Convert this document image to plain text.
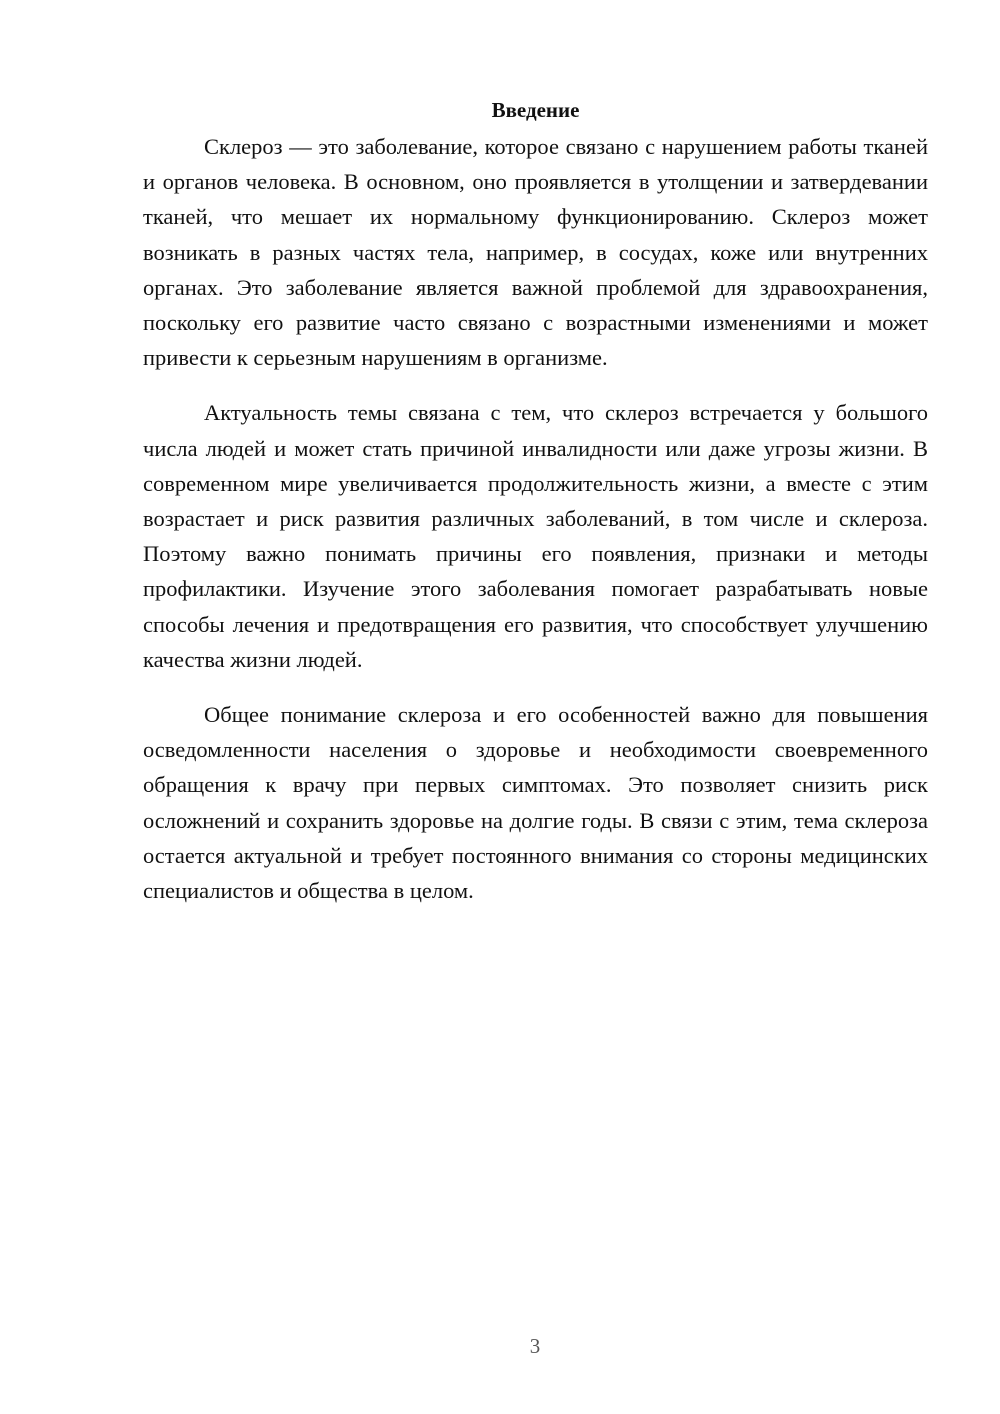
Введение

Склероз — это заболевание, которое связано с нарушением работы тканей и органов человека. В основном, оно проявляется в утолщении и затвердевании тканей, что мешает их нормальному функционированию. Склероз может возникать в разных частях тела, например, в сосудах, коже или внутренних органах. Это заболевание является важной проблемой для здравоохранения, поскольку его развитие часто связано с возрастными изменениями и может привести к серьезным нарушениям в организме.

Актуальность темы связана с тем, что склероз встречается у большого числа людей и может стать причиной инвалидности или даже угрозы жизни. В современном мире увеличивается продолжительность жизни, а вместе с этим возрастает и риск развития различных заболеваний, в том числе и склероза. Поэтому важно понимать причины его появления, признаки и методы профилактики. Изучение этого заболевания помогает разрабатывать новые способы лечения и предотвращения его развития, что способствует улучшению качества жизни людей.

Общее понимание склероза и его особенностей важно для повышения осведомленности населения о здоровье и необходимости своевременного обращения к врачу при первых симптомах. Это позволяет снизить риск осложнений и сохранить здоровье на долгие годы. В связи с этим, тема склероза остается актуальной и требует постоянного внимания со стороны медицинских специалистов и общества в целом.

3
